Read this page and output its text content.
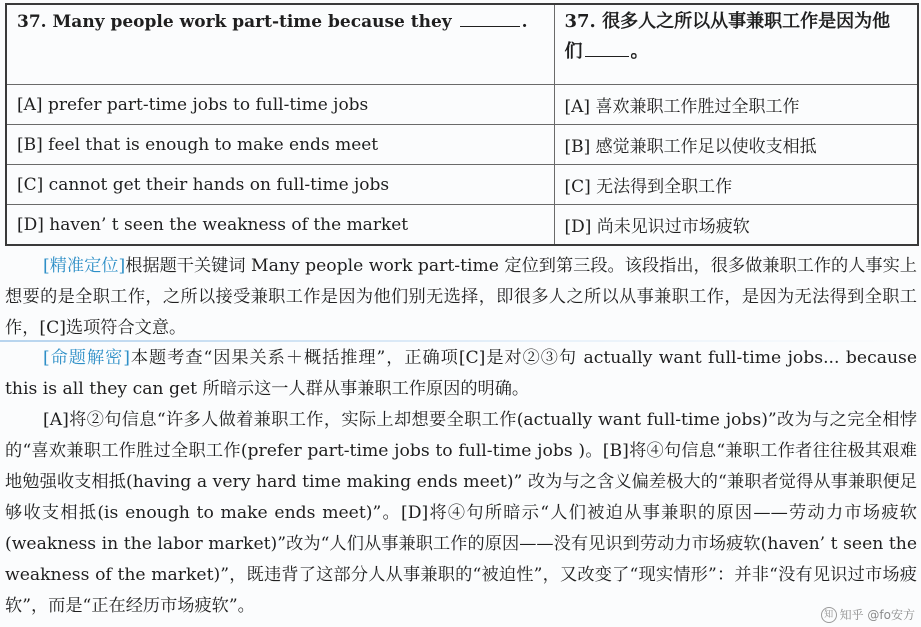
37. Many people work part-time because they .	37. 很多人之所以从事兼职工作是因为他们 。
[A] prefer part-time jobs to full-time jobs	[A] 喜欢兼职工作胜过全职工作
[B] feel that is enough to make ends meet	[B] 感觉兼职工作足以使收支相抵
[C] cannot get their hands on full-time jobs	[C] 无法得到全职工作
[D] haven’ t seen the weakness of the market	[D] 尚未见识过市场疲软
[精准定位]根据题干关键词 Many people work part-time 定位到第三段。该段指出，很多做兼职工作的人事实上想要的是全职工作，之所以接受兼职工作是因为他们别无选择，即很多人之所以从事兼职工作，是因为无法得到全职工作，[C]选项符合文意。
[命题解密]本题考查“因果关系＋概括推理”，正确项[C]是对②③句 actually want full-time jobs... because this is all they can get 所暗示这一人群从事兼职工作原因的明确。
[A]将②句信息“许多人做着兼职工作，实际上却想要全职工作(actually want full-time jobs)”改为与之完全相悖的“喜欢兼职工作胜过全职工作(prefer part-time jobs to full-time jobs )。[B]将④句信息“兼职工作者往往极其艰难地勉强收支相抵(having a very hard time making ends meet)” 改为与之含义偏差极大的“兼职者觉得从事兼职便足够收支相抵(is enough to make ends meet)”。[D]将④句所暗示“人们被迫从事兼职的原因——劳动力市场疲软(weakness in the labor market)”改为“人们从事兼职工作的原因——没有见识到劳动力市场疲软(haven’ t seen the weakness of the market)”，既违背了这部分人从事兼职的“被迫性”，又改变了“现实情形”：并非“没有见识过市场疲软”，而是“正在经历市场疲软”。	知 知乎 @fo安方
